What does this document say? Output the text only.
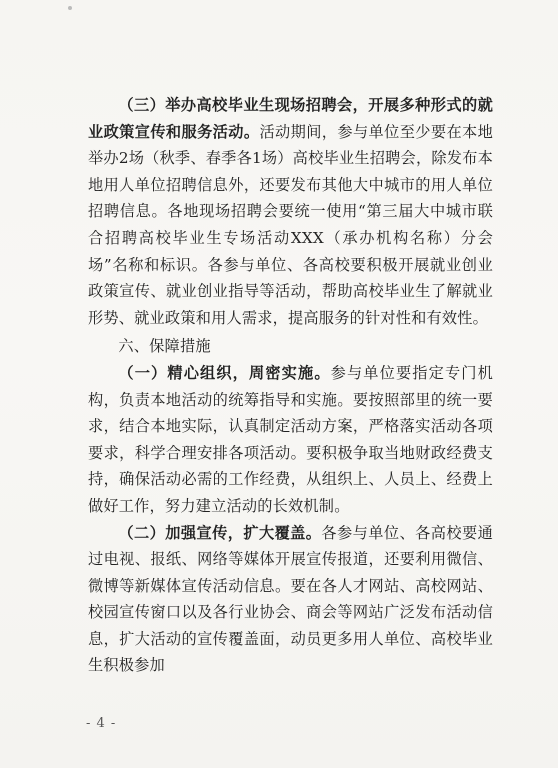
（三）举办高校毕业生现场招聘会，开展多种形式的就业政策宣传和服务活动。活动期间，参与单位至少要在本地举办2场（秋季、春季各1场）高校毕业生招聘会，除发布本地用人单位招聘信息外，还要发布其他大中城市的用人单位招聘信息。各地现场招聘会要统一使用“第三届大中城市联合招聘高校毕业生专场活动XXX（承办机构名称）分会场”名称和标识。各参与单位、各高校要积极开展就业创业政策宣传、就业创业指导等活动，帮助高校毕业生了解就业形势、就业政策和用人需求，提高服务的针对性和有效性。

六、保障措施

（一）精心组织，周密实施。参与单位要指定专门机构，负责本地活动的统筹指导和实施。要按照部里的统一要求，结合本地实际，认真制定活动方案，严格落实活动各项要求，科学合理安排各项活动。要积极争取当地财政经费支持，确保活动必需的工作经费，从组织上、人员上、经费上做好工作，努力建立活动的长效机制。

（二）加强宣传，扩大覆盖。各参与单位、各高校要通过电视、报纸、网络等媒体开展宣传报道，还要利用微信、微博等新媒体宣传活动信息。要在各人才网站、高校网站、校园宣传窗口以及各行业协会、商会等网站广泛发布活动信息，扩大活动的宣传覆盖面，动员更多用人单位、高校毕业生积极参加

- 4 -
